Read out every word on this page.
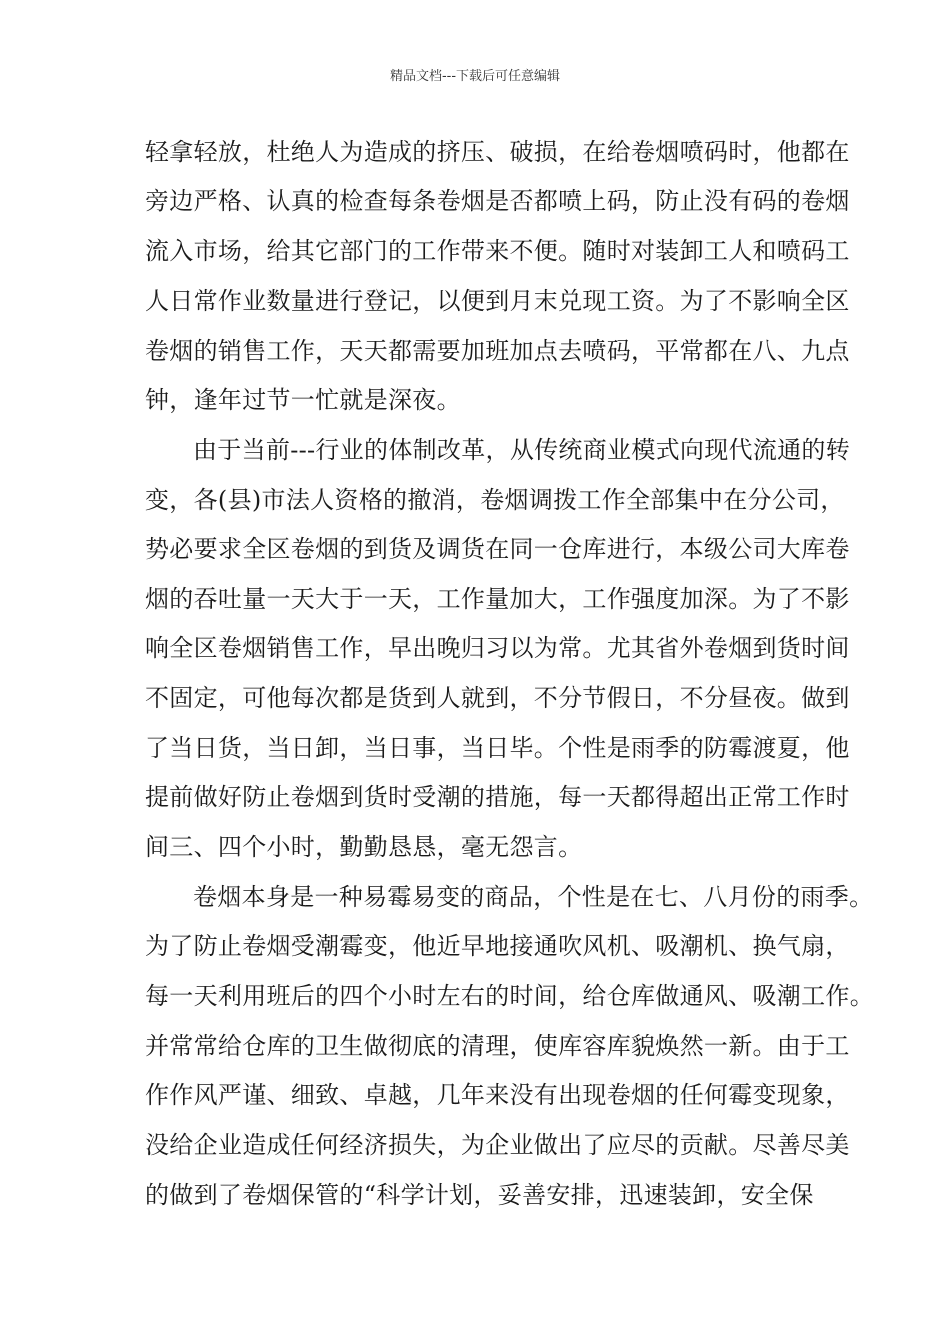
精品文档---下载后可任意编辑
轻拿轻放，杜绝人为造成的挤压、破损，在给卷烟喷码时，他都在
旁边严格、认真的检查每条卷烟是否都喷上码，防止没有码的卷烟
流入市场，给其它部门的工作带来不便。随时对装卸工人和喷码工
人日常作业数量进行登记，以便到月末兑现工资。为了不影响全区
卷烟的销售工作，天天都需要加班加点去喷码，平常都在八、九点
钟，逢年过节一忙就是深夜。
由于当前---行业的体制改革，从传统商业模式向现代流通的转
变，各(县)市法人资格的撤消，卷烟调拨工作全部集中在分公司，
势必要求全区卷烟的到货及调货在同一仓库进行，本级公司大库卷
烟的吞吐量一天大于一天，工作量加大，工作强度加深。为了不影
响全区卷烟销售工作，早出晚归习以为常。尤其省外卷烟到货时间
不固定，可他每次都是货到人就到，不分节假日，不分昼夜。做到
了当日货，当日卸，当日事，当日毕。个性是雨季的防霉渡夏，他
提前做好防止卷烟到货时受潮的措施，每一天都得超出正常工作时
间三、四个小时，勤勤恳恳，毫无怨言。
卷烟本身是一种易霉易变的商品，个性是在七、八月份的雨季。
为了防止卷烟受潮霉变，他近早地接通吹风机、吸潮机、换气扇，
每一天利用班后的四个小时左右的时间，给仓库做通风、吸潮工作。
并常常给仓库的卫生做彻底的清理，使库容库貌焕然一新。由于工
作作风严谨、细致、卓越，几年来没有出现卷烟的任何霉变现象，
没给企业造成任何经济损失，为企业做出了应尽的贡献。尽善尽美
的做到了卷烟保管的“科学计划，妥善安排，迅速装卸，安全保
